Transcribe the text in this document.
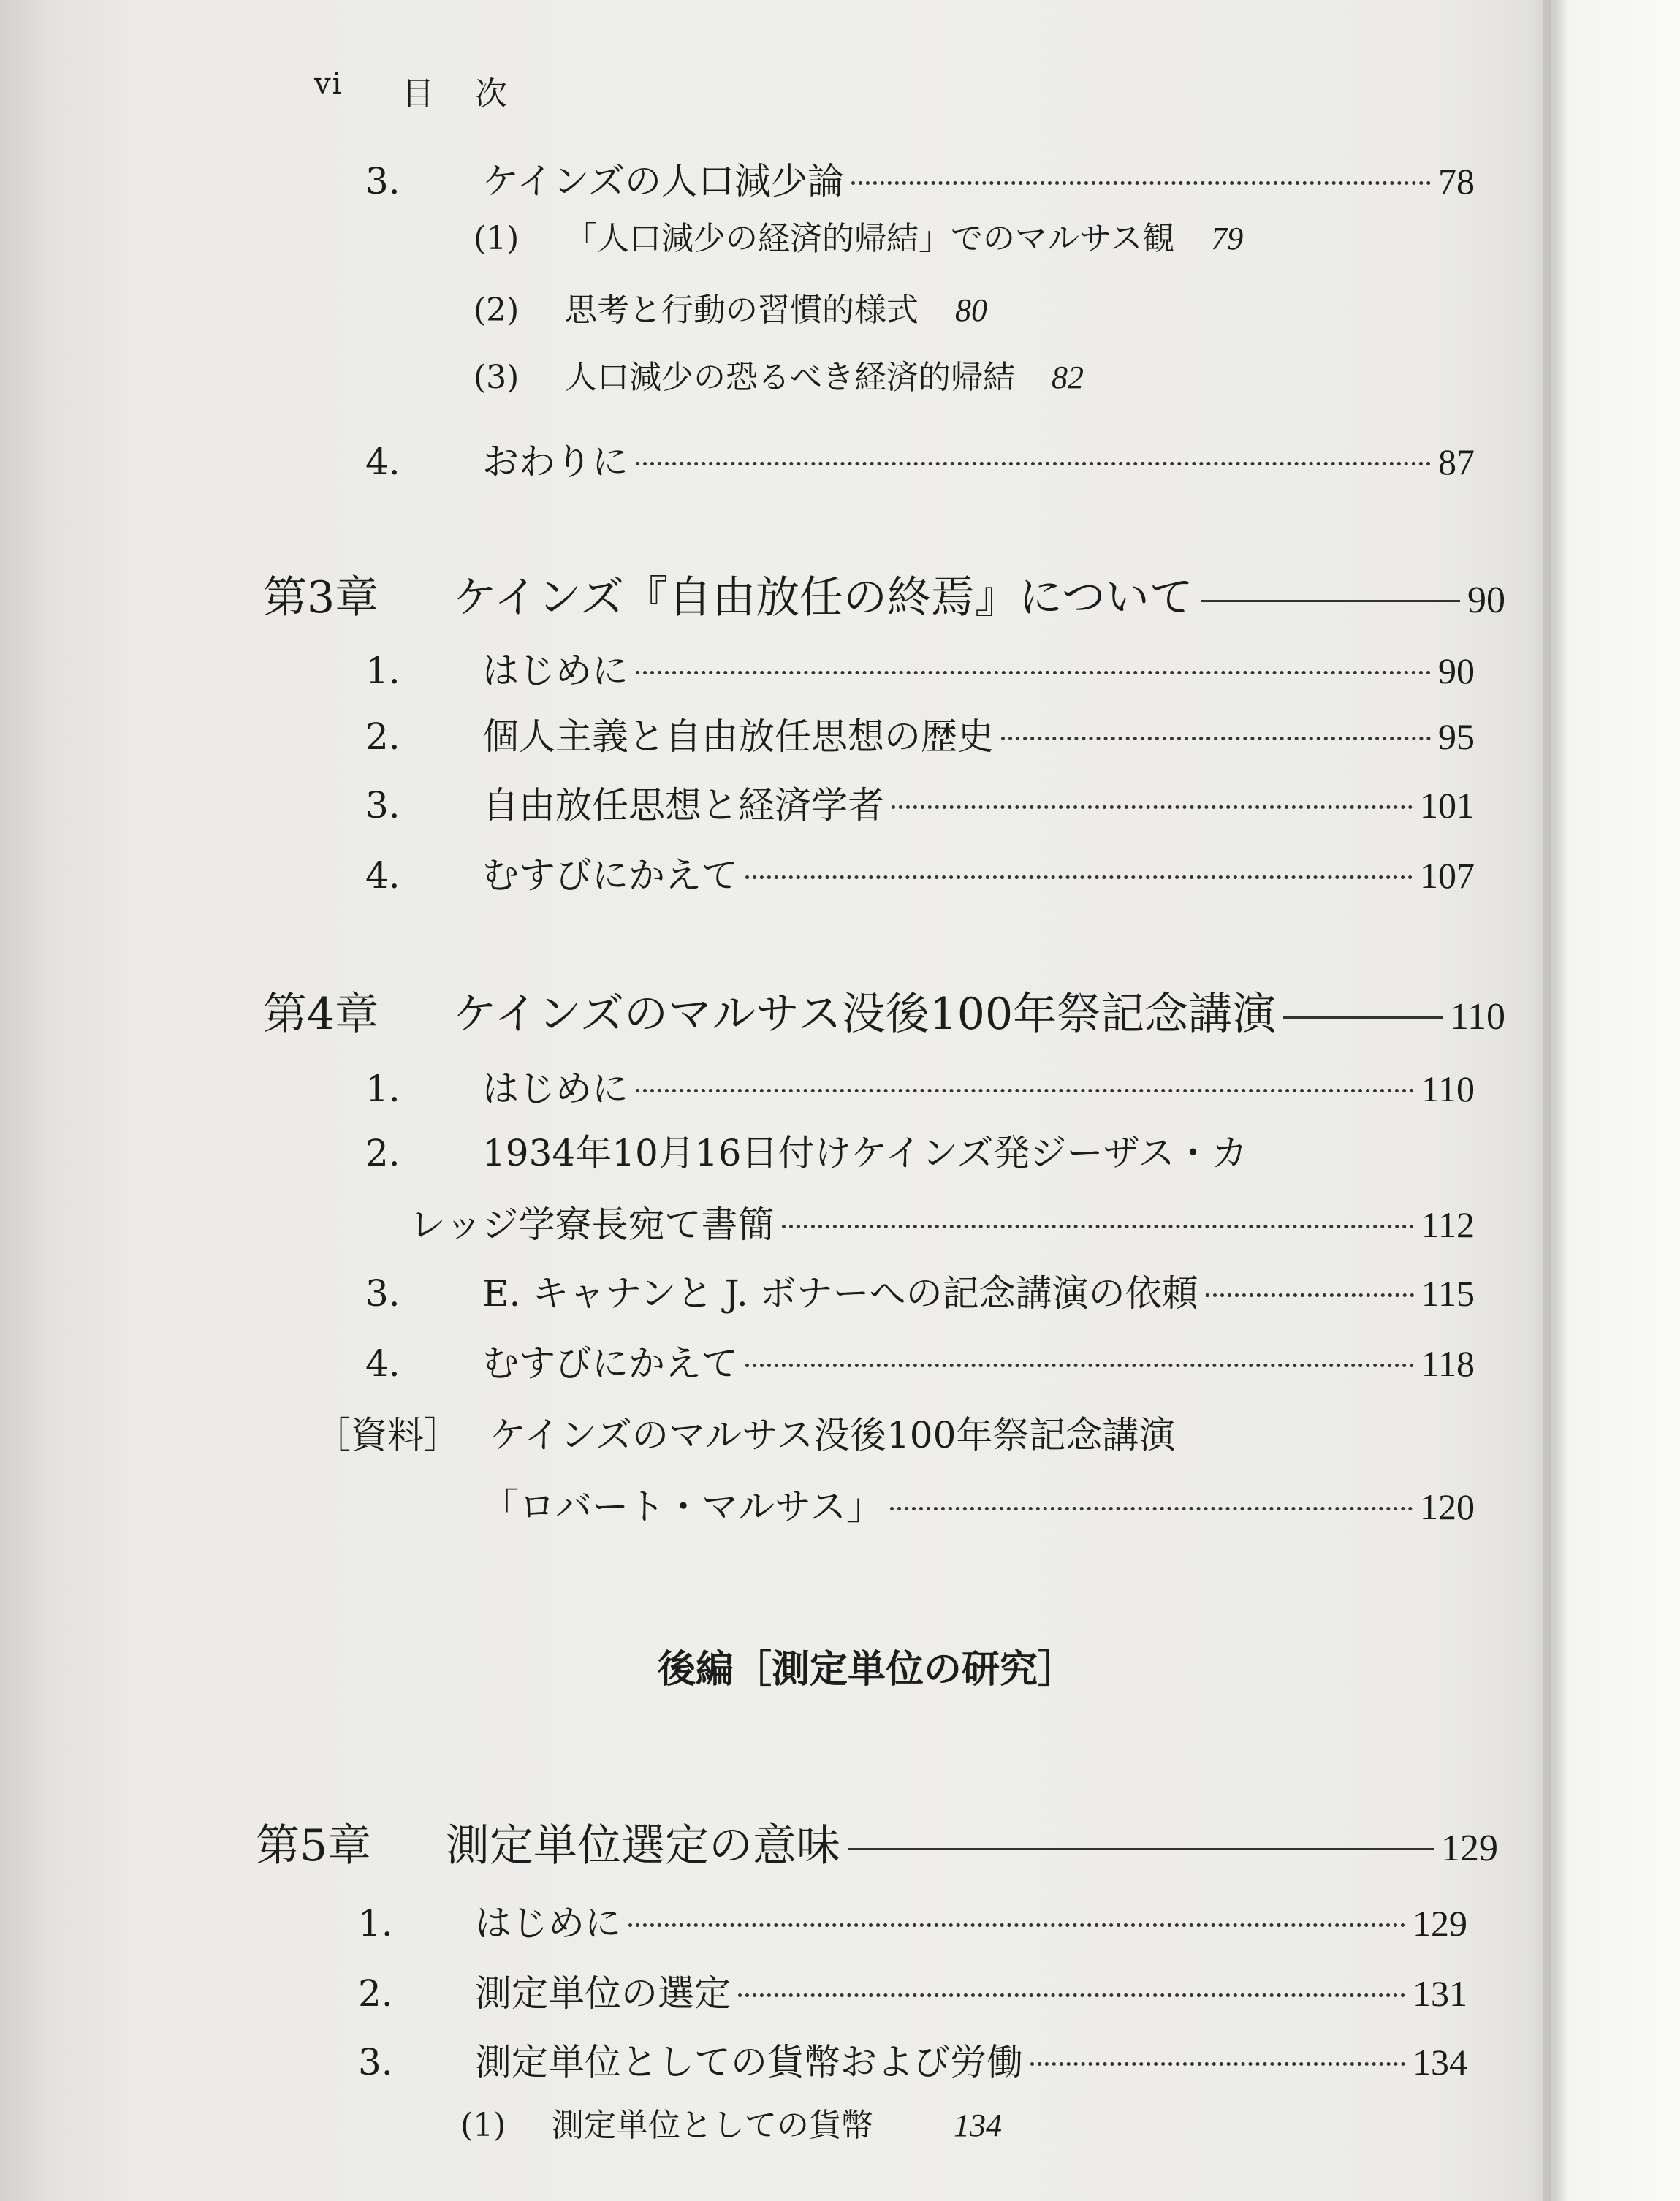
vi 目　次
3.	ケインズの人口減少論	78
(1)	「人口減少の経済的帰結」でのマルサス観 79
(2)	思考と行動の習慣的様式 80
(3)	人口減少の恐るべき経済的帰結 82
4.	おわりに	87
第3章	ケインズ『自由放任の終焉』について	90
1.	はじめに	90
2.	個人主義と自由放任思想の歴史	95
3.	自由放任思想と経済学者	101
4.	むすびにかえて	107
第4章	ケインズのマルサス没後100年祭記念講演	110
1.	はじめに	110
2.	1934年10月16日付けケインズ発ジーザス・カ
レッジ学寮長宛て書簡	112
3.	E. キャナンと J. ボナーへの記念講演の依頼	115
4.	むすびにかえて	118
［資料］ ケインズのマルサス没後100年祭記念講演
「ロバート・マルサス」	120
後編［測定単位の研究］
第5章	測定単位選定の意味	129
1.	はじめに	129
2.	測定単位の選定	131
3.	測定単位としての貨幣および労働	134
(1)	測定単位としての貨幣	134
